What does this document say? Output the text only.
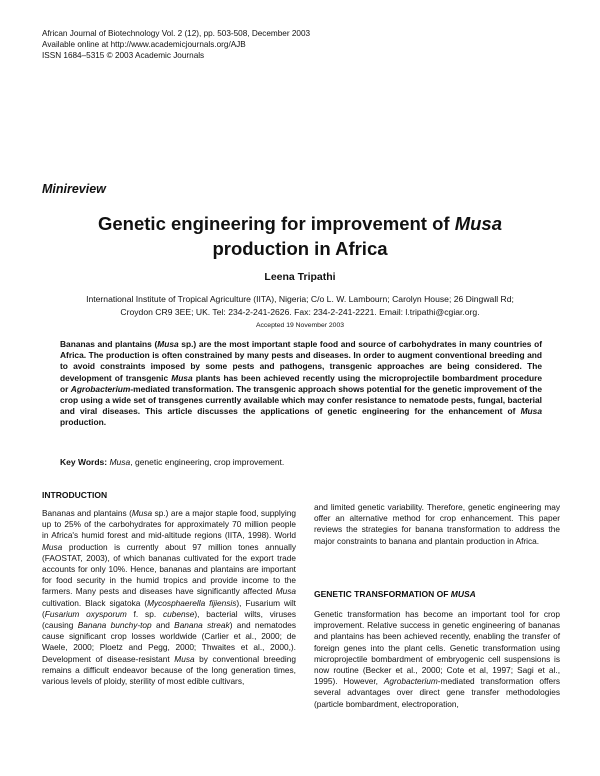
African Journal of Biotechnology Vol. 2 (12), pp. 503-508, December 2003
Available online at http://www.academicjournals.org/AJB
ISSN 1684–5315 © 2003 Academic Journals
Minireview
Genetic engineering for improvement of Musa
production in Africa
Leena Tripathi
International Institute of Tropical Agriculture (IITA), Nigeria; C/o L. W. Lambourn; Carolyn House; 26 Dingwall Rd;
Croydon CR9 3EE; UK. Tel: 234-2-241-2626. Fax: 234-2-241-2221. Email: l.tripathi@cgiar.org.
Accepted 19 November 2003
Bananas and plantains (Musa sp.) are the most important staple food and source of carbohydrates in many countries of Africa. The production is often constrained by many pests and diseases. In order to augment conventional breeding and to avoid constraints imposed by some pests and pathogens, transgenic approaches are being considered. The development of transgenic Musa plants has been achieved recently using the microprojectile bombardment procedure or Agrobacterium-mediated transformation. The transgenic approach shows potential for the genetic improvement of the crop using a wide set of transgenes currently available which may confer resistance to nematode pests, fungal, bacterial and viral diseases. This article discusses the applications of genetic engineering for the enhancement of Musa production.
Key Words: Musa, genetic engineering, crop improvement.
INTRODUCTION
Bananas and plantains (Musa sp.) are a major staple food, supplying up to 25% of the carbohydrates for approximately 70 million people in Africa's humid forest and mid-altitude regions (IITA, 1998). World Musa production is currently about 97 million tones annually (FAOSTAT, 2003), of which bananas cultivated for the export trade accounts for only 10%. Hence, bananas and plantains are important for food security in the humid tropics and provide income to the farmers. Many pests and diseases have significantly affected Musa cultivation. Black sigatoka (Mycosphaerella fijiensis), Fusarium wilt (Fusarium oxysporum f. sp. cubense), bacterial wilts, viruses (causing Banana bunchy-top and Banana streak) and nematodes cause significant crop losses worldwide (Carlier et al., 2000; de Waele, 2000; Ploetz and Pegg, 2000; Thwaites et al., 2000,). Development of disease-resistant Musa by conventional breeding remains a difficult endeavor because of the long generation times, various levels of ploidy, sterility of most edible cultivars,
and limited genetic variability. Therefore, genetic engineering may offer an alternative method for crop enhancement. This paper reviews the strategies for banana transformation to address the major constraints to banana and plantain production in Africa.
GENETIC TRANSFORMATION OF MUSA
Genetic transformation has become an important tool for crop improvement. Relative success in genetic engineering of bananas and plantains has been achieved recently, enabling the transfer of foreign genes into the plant cells. Genetic transformation using microprojectile bombardment of embryogenic cell suspensions is now routine (Becker et al., 2000; Cote et al, 1997; Sagi et al., 1995). However, Agrobacterium-mediated transformation offers several advantages over direct gene transfer methodologies (particle bombardment, electroporation,
